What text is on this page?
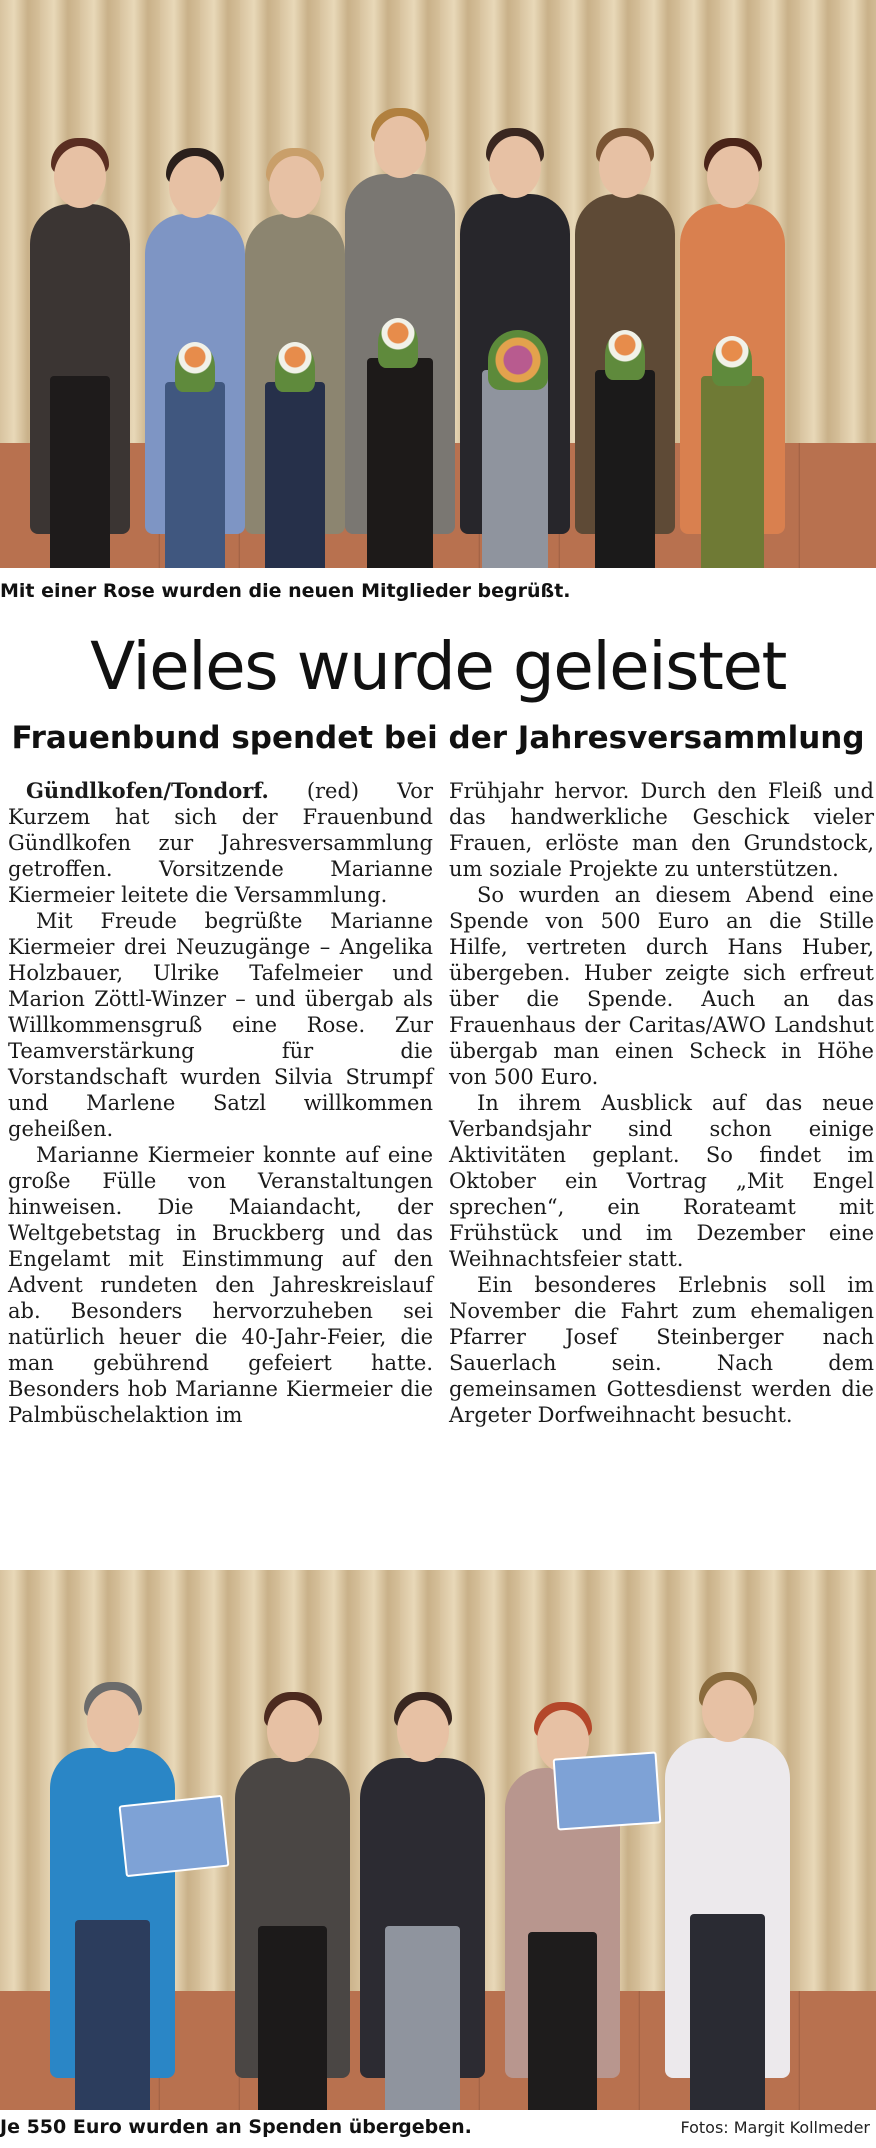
Mit einer Rose wurden die neuen Mitglieder begrüßt.
Vieles wurde geleistet
Frauenbund spendet bei der Jahresversammlung

Gündlkofen/Tondorf. (red) Vor Kurzem hat sich der Frauenbund Gündlkofen zur Jahresversammlung getroffen. Vorsitzende Marianne Kiermeier leitete die Versammlung.

Mit Freude begrüßte Marianne Kiermeier drei Neuzugänge – Angelika Holzbauer, Ulrike Tafelmeier und Marion Zöttl-Winzer – und übergab als Willkommensgruß eine Rose. Zur Teamverstärkung für die Vorstandschaft wurden Silvia Strumpf und Marlene Satzl willkommen geheißen.

Marianne Kiermeier konnte auf eine große Fülle von Veranstaltungen hinweisen. Die Maiandacht, der Weltgebetstag in Bruckberg und das Engelamt mit Einstimmung auf den Advent rundeten den Jahreskreislauf ab. Besonders hervorzuheben sei natürlich heuer die 40-Jahr-Feier, die man gebührend gefeiert hatte. Besonders hob Marianne Kiermeier die Palmbüschelaktion im

Frühjahr hervor. Durch den Fleiß und das handwerkliche Geschick vieler Frauen, erlöste man den Grundstock, um soziale Projekte zu unterstützen.

So wurden an diesem Abend eine Spende von 500 Euro an die Stille Hilfe, vertreten durch Hans Huber, übergeben. Huber zeigte sich erfreut über die Spende. Auch an das Frauenhaus der Caritas/AWO Landshut übergab man einen Scheck in Höhe von 500 Euro.

In ihrem Ausblick auf das neue Verbandsjahr sind schon einige Aktivitäten geplant. So findet im Oktober ein Vortrag „Mit Engel sprechen“, ein Rorateamt mit Frühstück und im Dezember eine Weihnachtsfeier statt.

Ein besonderes Erlebnis soll im November die Fahrt zum ehemaligen Pfarrer Josef Steinberger nach Sauerlach sein. Nach dem gemeinsamen Gottesdienst werden die Argeter Dorfweihnacht besucht.

Je 550 Euro wurden an Spenden übergeben.	Fotos: Margit Kollmeder
